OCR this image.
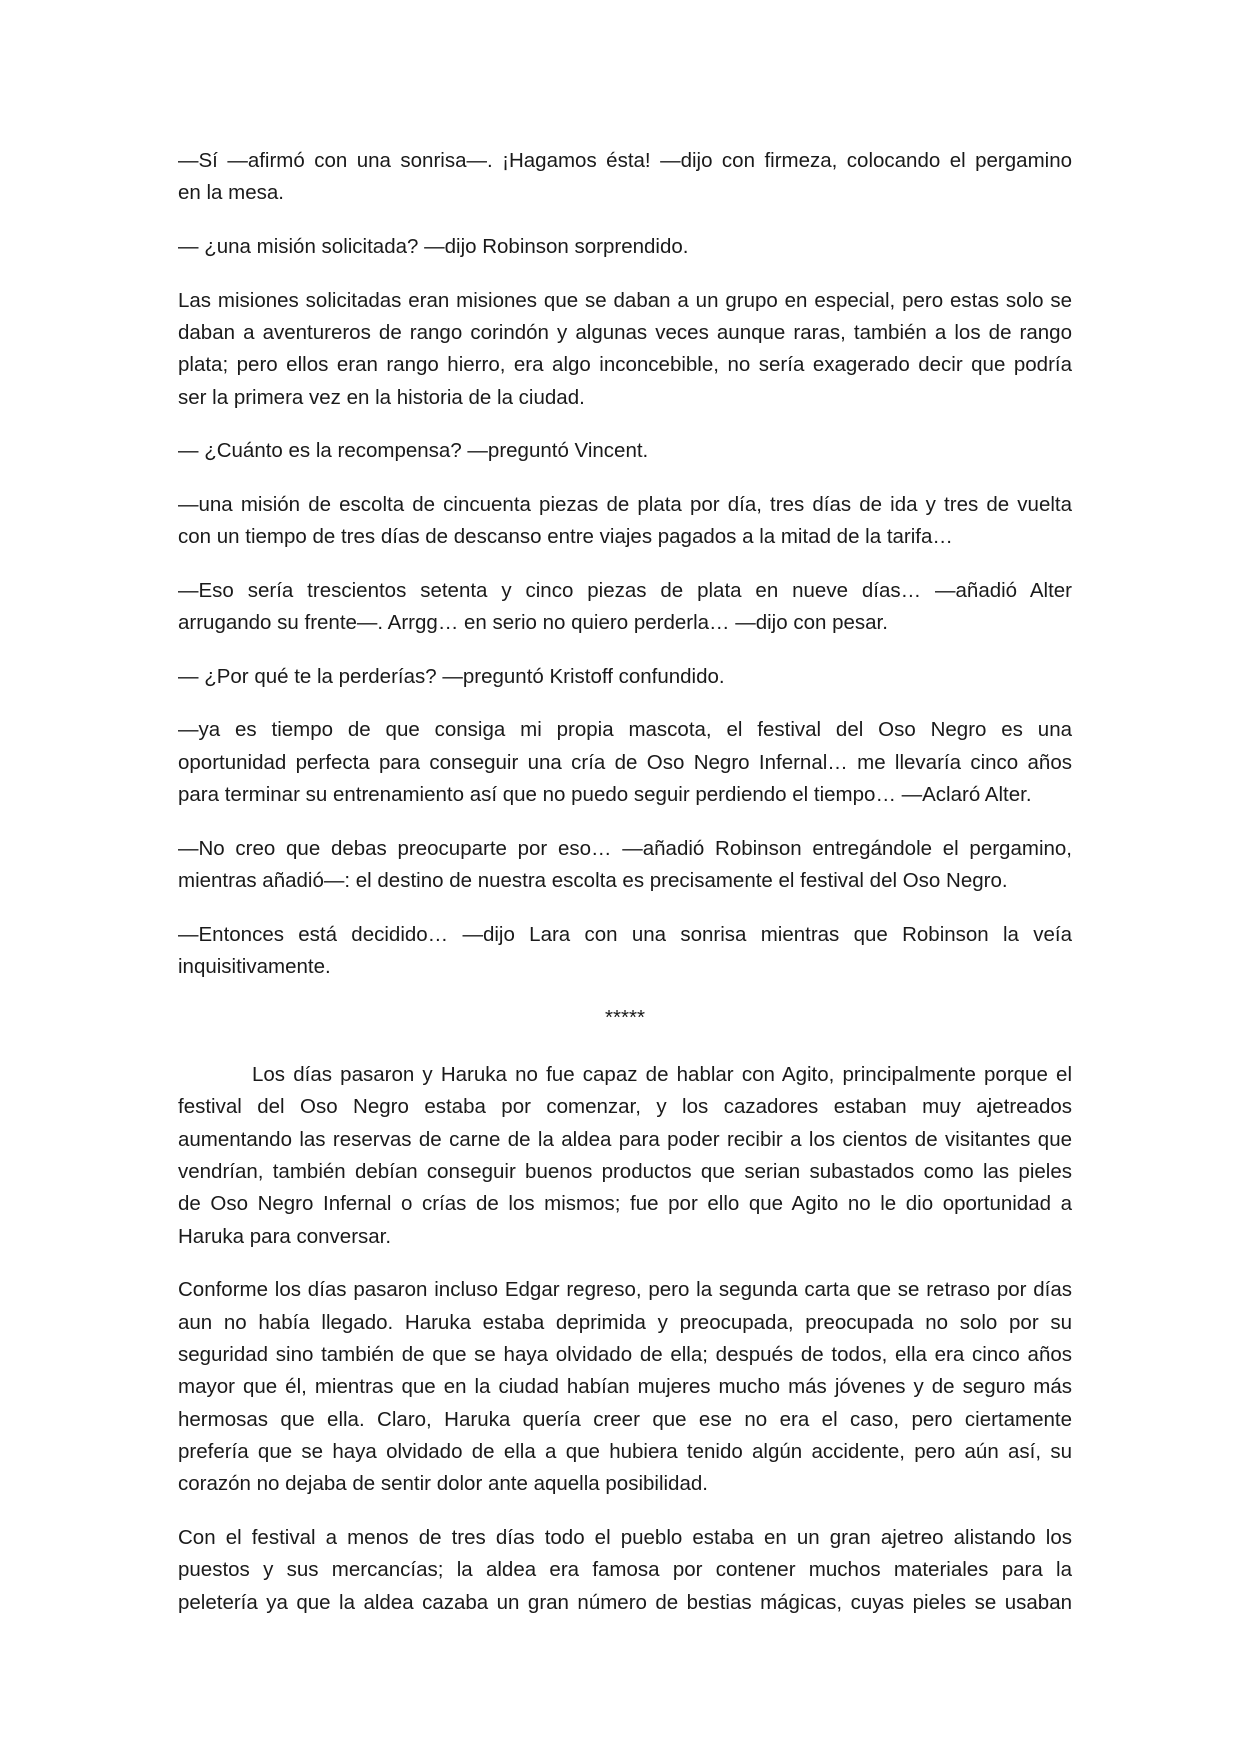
—Sí —afirmó con una sonrisa—. ¡Hagamos ésta! —dijo con firmeza, colocando el pergamino
en la mesa.
— ¿una misión solicitada? —dijo Robinson sorprendido.
Las misiones solicitadas eran misiones que se daban a un grupo en especial, pero estas solo se
daban a aventureros de rango corindón y algunas veces aunque raras, también a los de rango
plata; pero ellos eran rango hierro, era algo inconcebible, no sería exagerado decir que podría
ser la primera vez en la historia de la ciudad.
— ¿Cuánto es la recompensa? —preguntó Vincent.
—una misión de escolta de cincuenta piezas de plata por día, tres días de ida y tres de vuelta
con un tiempo de tres días de descanso entre viajes pagados a la mitad de la tarifa…
—Eso sería trescientos setenta y cinco piezas de plata en nueve días… —añadió Alter
arrugando su frente—. Arrgg… en serio no quiero perderla… —dijo con pesar.
— ¿Por qué te la perderías? —preguntó Kristoff confundido.
—ya es tiempo de que consiga mi propia mascota, el festival del Oso Negro es una
oportunidad perfecta para conseguir una cría de Oso Negro Infernal… me llevaría cinco años
para terminar su entrenamiento así que no puedo seguir perdiendo el tiempo… —Aclaró Alter.
—No creo que debas preocuparte por eso… —añadió Robinson entregándole el pergamino,
mientras añadió—: el destino de nuestra escolta es precisamente el festival del Oso Negro.
—Entonces está decidido… —dijo Lara con una sonrisa mientras que Robinson la veía
inquisitivamente.
*****
Los días pasaron y Haruka no fue capaz de hablar con Agito, principalmente porque el
festival del Oso Negro estaba por comenzar, y los cazadores estaban muy ajetreados
aumentando las reservas de carne de la aldea para poder recibir a los cientos de visitantes que
vendrían, también debían conseguir buenos productos que serian subastados como las pieles
de Oso Negro Infernal o crías de los mismos; fue por ello que Agito no le dio oportunidad a
Haruka para conversar.
Conforme los días pasaron incluso Edgar regreso, pero la segunda carta que se retraso por días
aun no había llegado. Haruka estaba deprimida y preocupada, preocupada no solo por su
seguridad sino también de que se haya olvidado de ella; después de todos, ella era cinco años
mayor que él, mientras que en la ciudad habían mujeres mucho más jóvenes y de seguro más
hermosas que ella. Claro, Haruka quería creer que ese no era el caso, pero ciertamente
prefería que se haya olvidado de ella a que hubiera tenido algún accidente, pero aún así, su
corazón no dejaba de sentir dolor ante aquella posibilidad.
Con el festival a menos de tres días todo el pueblo estaba en un gran ajetreo alistando los
puestos y sus mercancías; la aldea era famosa por contener muchos materiales para la
peletería ya que la aldea cazaba un gran número de bestias mágicas, cuyas pieles se usaban
